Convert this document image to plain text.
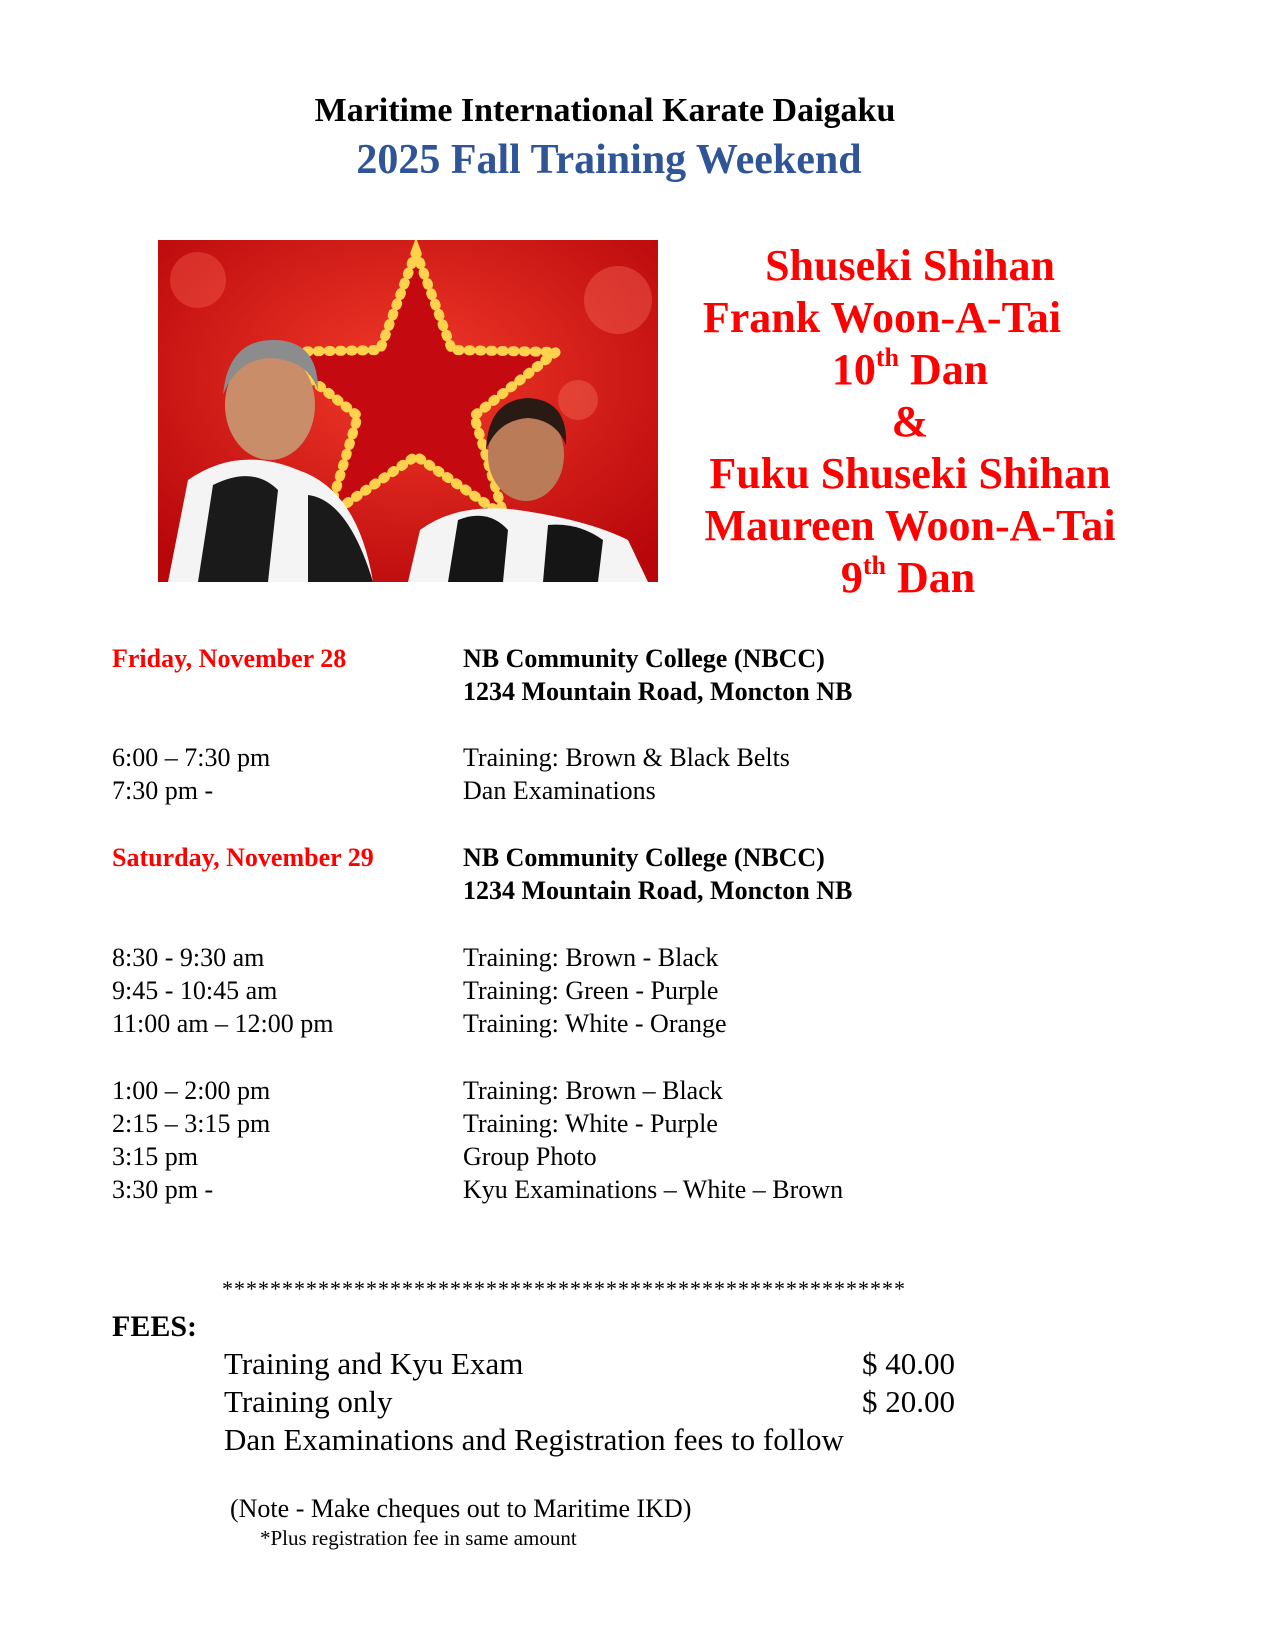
Maritime International Karate Daigaku
2025 Fall Training Weekend
Shuseki Shihan
Frank Woon-A-Tai
10th Dan
&
Fuku Shuseki Shihan
Maureen Woon-A-Tai
9th Dan
Friday, November 28	NB Community College (NBCC)
1234 Mountain Road, Moncton NB
6:00 – 7:30 pm	Training: Brown & Black Belts
7:30 pm -	Dan Examinations
Saturday, November 29	NB Community College (NBCC)
1234 Mountain Road, Moncton NB
8:30 - 9:30 am	Training: Brown - Black
9:45 - 10:45 am	Training: Green - Purple
11:00 am – 12:00 pm	Training: White - Orange
1:00 – 2:00 pm	Training: Brown – Black
2:15 – 3:15 pm	Training: White - Purple
3:15 pm	Group Photo
3:30 pm -	Kyu Examinations – White – Brown
*********************************************************
FEES:
Training and Kyu Exam	$ 40.00
Training only	$ 20.00
Dan Examinations and Registration fees to follow
(Note - Make cheques out to Maritime IKD)
*Plus registration fee in same amount
